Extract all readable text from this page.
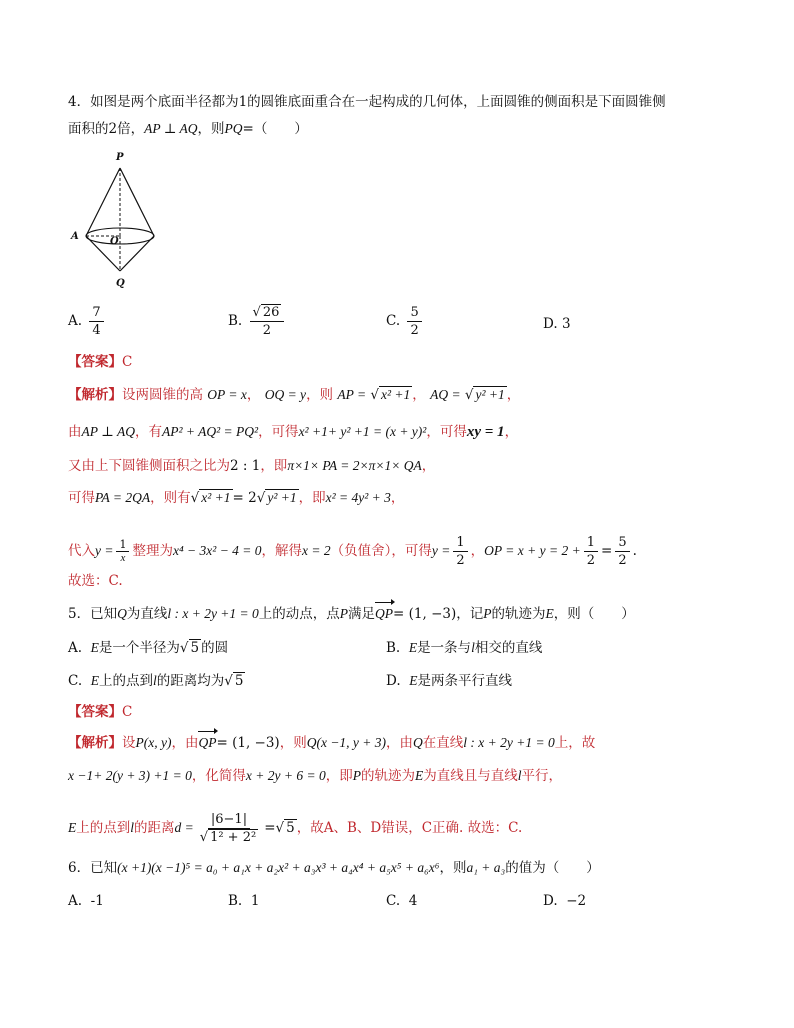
4．如图是两个底面半径都为1的圆锥底面重合在一起构成的几何体，上面圆锥的侧面积是下面圆锥侧
面积的2倍，AP ⊥ AQ，则PQ=（　　）
P
A	O
Q
A. $\frac{7}{4}$	B. $\frac{√ 26}{2}$	C. $\frac{5}{2}$	D. 3
【答案】C
【解析】设两圆锥的高 OP = x， OQ = y，则 AP = √ x² +1 ， AQ = √ y² +1 ，
由AP ⊥ AQ，有AP² + AQ² = PQ²，可得x² +1+ y² +1 = (x + y)²，可得xy = 1，
又由上下圆锥侧面积之比为2 : 1，即π×1× PA = 2×π×1× QA，
可得PA = 2QA，则有√ x² +1 = 2√ y² +1 ，即x² = 4y² + 3，
代入$y = \frac{1}{x}$ 整理为x⁴ − 3x² − 4 = 0，解得x = 2（负值舍），可得$y = \frac{1}{2}$ ，OP = $x + y = 2 + \frac{1}{2} = \frac{5}{2}$ .
故选：C.
5．已知Q为直线l : x + 2y +1 = 0上的动点，点P满足QP= (1, −3)，记P的轨迹为E，则（　　）
A. E是一个半径为√ 5 的圆	B. E是一条与l相交的直线
C. E上的点到l的距离均为√ 5	D. E是两条平行直线
【答案】C
【解析】设P(x, y)，由QP= (1, −3)，则Q(x −1, y + 3)，由Q在直线l : x + 2y +1 = 0上，故
x −1+ 2(y + 3) +1 = 0，化简得x + 2y + 6 = 0，即P的轨迹为E为直线且与直线l平行，
E上的点到l的距离$d = \frac{|6-1|}{\text{√ 1² + 2²}}$ =√ 5 ，故A、B、D错误，C正确. 故选：C.
6．已知(x +1)(x −1)⁵ = a₀ + a₁x + a₂x² + a₃x³ + a₄x⁴ + a₅x⁵ + a₆x⁶，则a₁ + a₃的值为（　　）
A. -1	B. 1	C. 4	D. −2
